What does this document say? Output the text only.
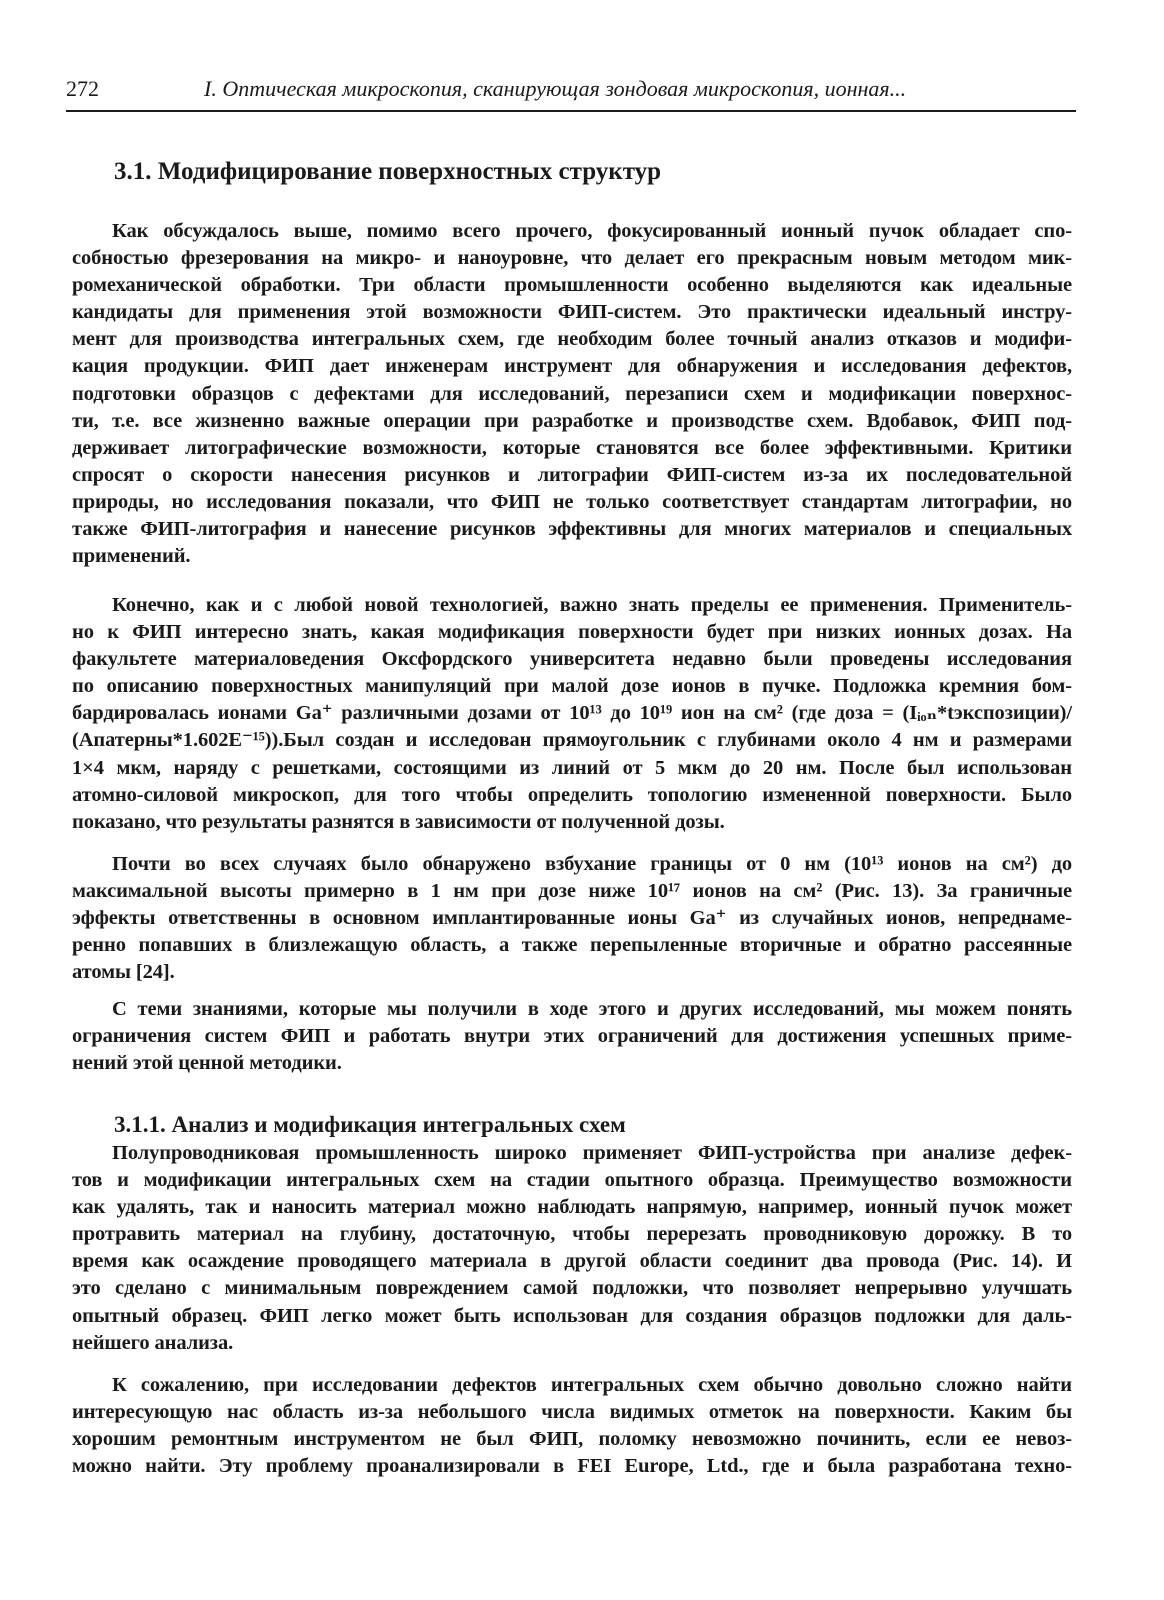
272	I. Оптическая микроскопия, сканирующая зондовая микроскопия, ионная...
3.1. Модифицирование поверхностных структур
Как обсуждалось выше, помимо всего прочего, фокусированный ионный пучок обладает спо-
собностью фрезерования на микро- и наноуровне, что делает его прекрасным новым методом мик-
ромеханической обработки. Три области промышленности особенно выделяются как идеальные
кандидаты для применения этой возможности ФИП-систем. Это практически идеальный инстру-
мент для производства интегральных схем, где необходим более точный анализ отказов и модифи-
кация продукции. ФИП дает инженерам инструмент для обнаружения и исследования дефектов,
подготовки образцов с дефектами для исследований, перезаписи схем и модификации поверхнос-
ти, т.е. все жизненно важные операции при разработке и производстве схем. Вдобавок, ФИП под-
держивает литографические возможности, которые становятся все более эффективными. Критики
спросят о скорости нанесения рисунков и литографии ФИП-систем из-за их последовательной
природы, но исследования показали, что ФИП не только соответствует стандартам литографии, но
также ФИП-литография и нанесение рисунков эффективны для многих материалов и специальных
применений.
Конечно, как и с любой новой технологией, важно знать пределы ее применения. Применитель-
но к ФИП интересно знать, какая модификация поверхности будет при низких ионных дозах. На
факультете материаловедения Оксфордского университета недавно были проведены исследования
по описанию поверхностных манипуляций при малой дозе ионов в пучке. Подложка кремния бом-
бардировалась ионами Ga⁺ различными дозами от 10¹³ до 10¹⁹ ион на см² (где доза = (Iᵢₒₙ*tэкспозиции)/
(Aпатерны*1.602E⁻¹⁵)).Был создан и исследован прямоугольник с глубинами около 4 нм и размерами
1×4 мкм, наряду с решетками, состоящими из линий от 5 мкм до 20 нм. После был использован
атомно-силовой микроскоп, для того чтобы определить топологию измененной поверхности. Было
показано, что результаты разнятся в зависимости от полученной дозы.
Почти во всех случаях было обнаружено взбухание границы от 0 нм (10¹³ ионов на см²) до
максимальной высоты примерно в 1 нм при дозе ниже 10¹⁷ ионов на см² (Рис. 13). За граничные
эффекты ответственны в основном имплантированные ионы Ga⁺ из случайных ионов, непреднаме-
ренно попавших в близлежащую область, а также перепыленные вторичные и обратно рассеянные
атомы [24].
С теми знаниями, которые мы получили в ходе этого и других исследований, мы можем понять
ограничения систем ФИП и работать внутри этих ограничений для достижения успешных приме-
нений этой ценной методики.
3.1.1. Анализ и модификация интегральных схем
Полупроводниковая промышленность широко применяет ФИП-устройства при анализе дефек-
тов и модификации интегральных схем на стадии опытного образца. Преимущество возможности
как удалять, так и наносить материал можно наблюдать напрямую, например, ионный пучок может
протравить материал на глубину, достаточную, чтобы перерезать проводниковую дорожку. В то
время как осаждение проводящего материала в другой области соединит два провода (Рис. 14). И
это сделано с минимальным повреждением самой подложки, что позволяет непрерывно улучшать
опытный образец. ФИП легко может быть использован для создания образцов подложки для даль-
нейшего анализа.
К сожалению, при исследовании дефектов интегральных схем обычно довольно сложно найти
интересующую нас область из-за небольшого числа видимых отметок на поверхности. Каким бы
хорошим ремонтным инструментом не был ФИП, поломку невозможно починить, если ее невоз-
можно найти. Эту проблему проанализировали в FEI Europe, Ltd., где и была разработана техно-
